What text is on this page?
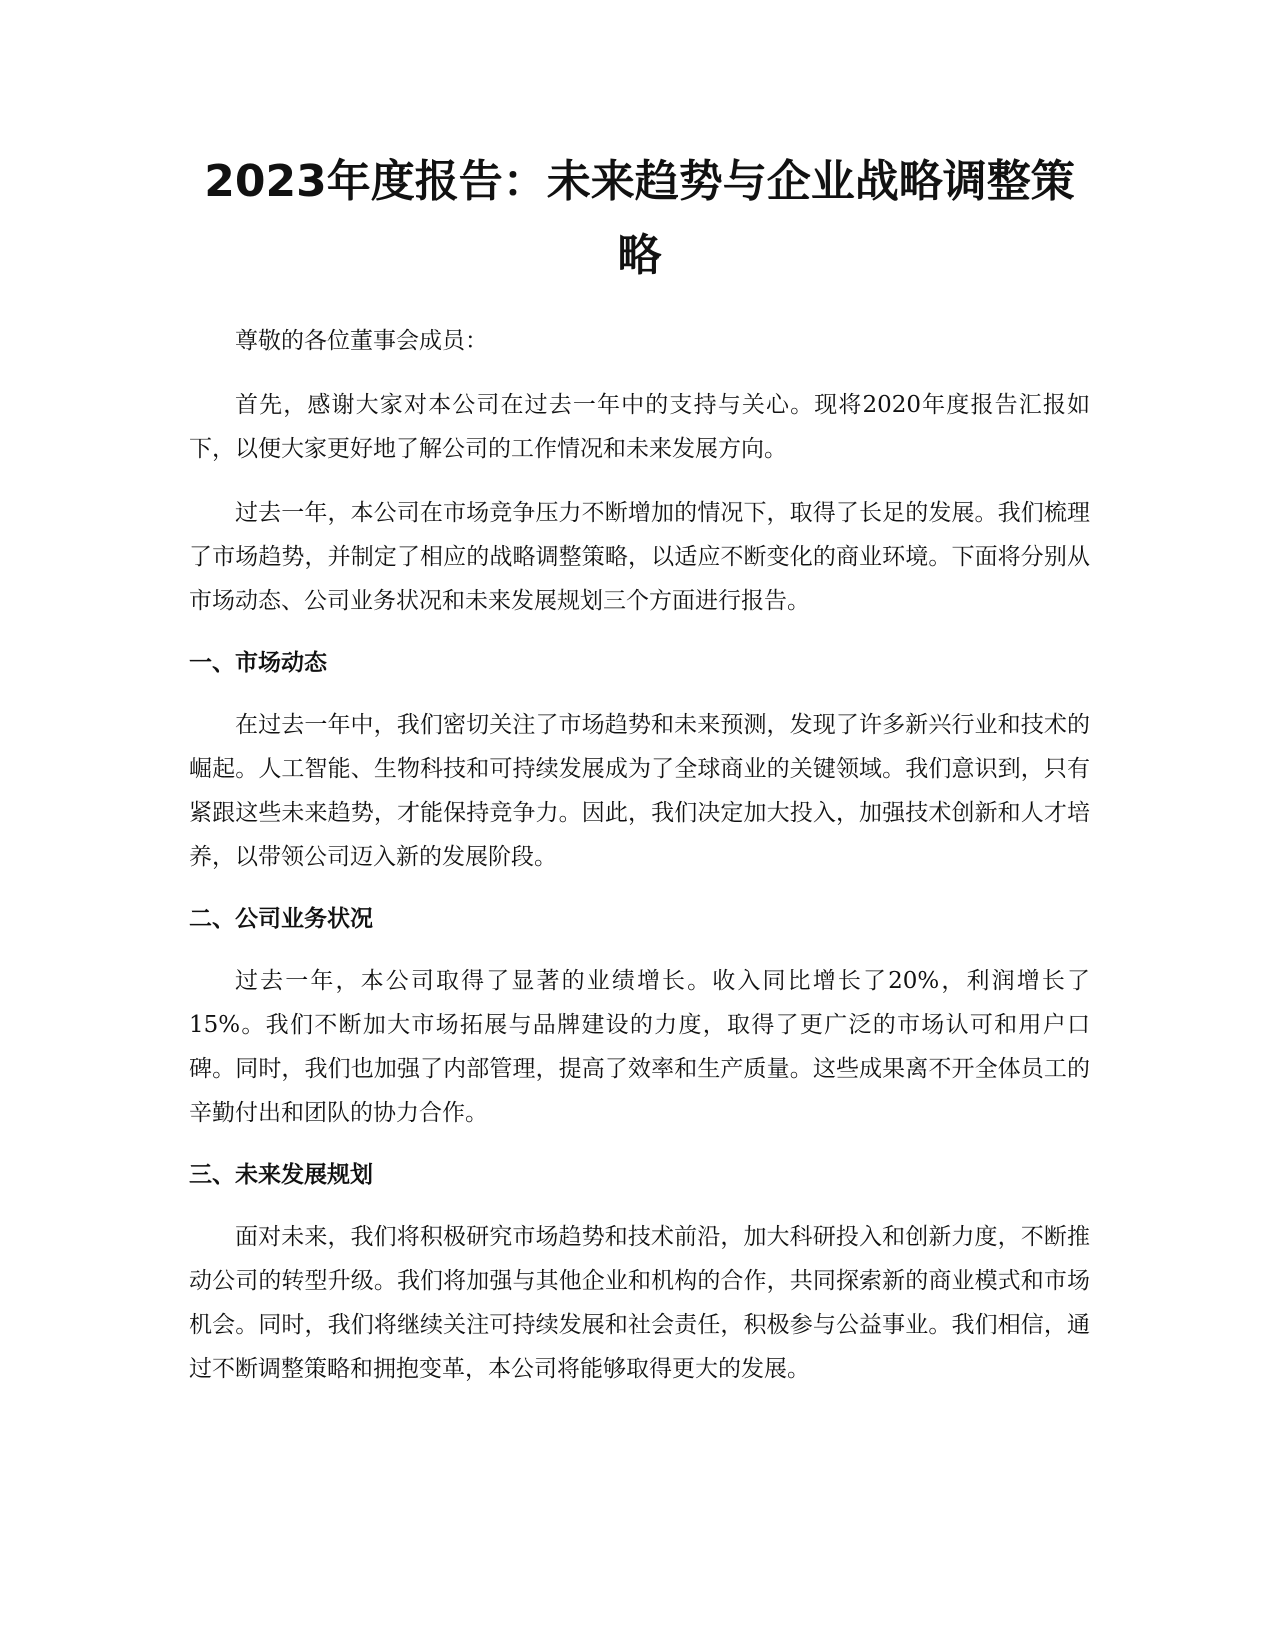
2023年度报告：未来趋势与企业战略调整策略

尊敬的各位董事会成员：

首先，感谢大家对本公司在过去一年中的支持与关心。现将2020年度报告汇报如下，以便大家更好地了解公司的工作情况和未来发展方向。

过去一年，本公司在市场竞争压力不断增加的情况下，取得了长足的发展。我们梳理了市场趋势，并制定了相应的战略调整策略，以适应不断变化的商业环境。下面将分别从市场动态、公司业务状况和未来发展规划三个方面进行报告。

一、市场动态

在过去一年中，我们密切关注了市场趋势和未来预测，发现了许多新兴行业和技术的崛起。人工智能、生物科技和可持续发展成为了全球商业的关键领域。我们意识到，只有紧跟这些未来趋势，才能保持竞争力。因此，我们决定加大投入，加强技术创新和人才培养，以带领公司迈入新的发展阶段。

二、公司业务状况

过去一年，本公司取得了显著的业绩增长。收入同比增长了20%，利润增长了15%。我们不断加大市场拓展与品牌建设的力度，取得了更广泛的市场认可和用户口碑。同时，我们也加强了内部管理，提高了效率和生产质量。这些成果离不开全体员工的辛勤付出和团队的协力合作。

三、未来发展规划

面对未来，我们将积极研究市场趋势和技术前沿，加大科研投入和创新力度，不断推动公司的转型升级。我们将加强与其他企业和机构的合作，共同探索新的商业模式和市场机会。同时，我们将继续关注可持续发展和社会责任，积极参与公益事业。我们相信，通过不断调整策略和拥抱变革，本公司将能够取得更大的发展。
